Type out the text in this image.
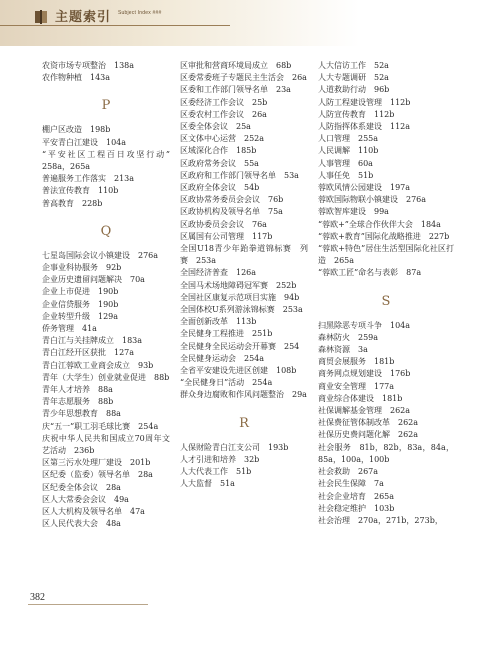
主题索引 Subject Index ###
农资市场专项整治　138a
农作物种植　143a
P
棚户区改造　198b
平安青白江建设　104a
“平安社区工程百日攻坚行动”　258a，265a
普遍服务工作落实　213a
普法宣传教育　110b
普高教育　228b
Q
七星岛国际会议小镇建设　276a
企事业科协服务　92b
企业历史遗留问题解决　70a
企业上市促进　190b
企业信贷服务　190b
企业转型升级　129a
侨务管理　41a
青白江与关挂牌成立　183a
青白江经开区获批　127a
青白江蓉欧工业商会成立　93b
青年（大学生）创业就业促进　88b
青年人才培养　88a
青年志愿服务　88b
青少年思想教育　88a
庆“五一”职工羽毛球比赛　254a
庆祝中华人民共和国成立70周年文艺活动　236b
区第三污水处理厂建设　201b
区纪委（监委）领导名单　28a
区纪委全体会议　28a
区人大常委会会议　49a
区人大机构及领导名单　47a
区人民代表大会　48a
区审批和营商环境局成立　68b
区委常委班子专题民主生活会　26a
区委和工作部门领导名单　23a
区委经济工作会议　25b
区委农村工作会议　26a
区委全体会议　25a
区文体中心运营　252a
区域深化合作　185b
区政府常务会议　55a
区政府和工作部门领导名单　53a
区政府全体会议　54b
区政协常务委员会会议　76b
区政协机构及领导名单　75a
区政协委员会会议　76a
区属国有公司管理　117b
全国U18青少年跆拳道锦标赛　列赛　253a
全国经济普查　126a
全国马术场地障碍冠军赛　252b
全国社区康复示范项目实施　94b
全国体校U系列游泳锦标赛　253a
全面创新改革　113b
全民健身工程推进　251b
全民健身全民运动会开幕赛　254
全民健身运动会　254a
全省平安建设先进区创建　108b
“全民健身日”活动　254a
群众身边腐败和作风问题整治　29a
R
人保财险青白江支公司　193b
人才引进和培养　32b
人大代表工作　51b
人大监督　51a
人大信访工作　52a
人大专题调研　52a
人道救助行动　96b
人防工程建设管理　112b
人防宣传教育　112b
人防指挥体系建设　112a
人口管理　255a
人民调解　110b
人事管理　60a
人事任免　51b
蓉欧风情公园建设　197a
蓉欧国际物联小镇建设　276a
蓉欧智库建设　99a
“蓉欧+”全球合作伙伴大会　184a
“蓉欧+教育”国际化战略推进　227b
“蓉欧+特色”居住生活型国际化社区打造　265a
“蓉欧工匠”命名与表彰　87a
S
扫黑除恶专项斗争　104a
森林防火　259a
森林资源　3a
商贸会展服务　181b
商务网点规划建设　176b
商业安全管理　177a
商业综合体建设　181b
社保调解基金管理　262a
社保费征管体制改革　262a
社保历史费问题化解　262a
社会服务　81b，82b，83a，84a，85a，100a，100b
社会救助　267a
社会民生保障　7a
社会企业培育　265a
社会稳定维护　103b
社会治理　270a，271b，273b，
382
